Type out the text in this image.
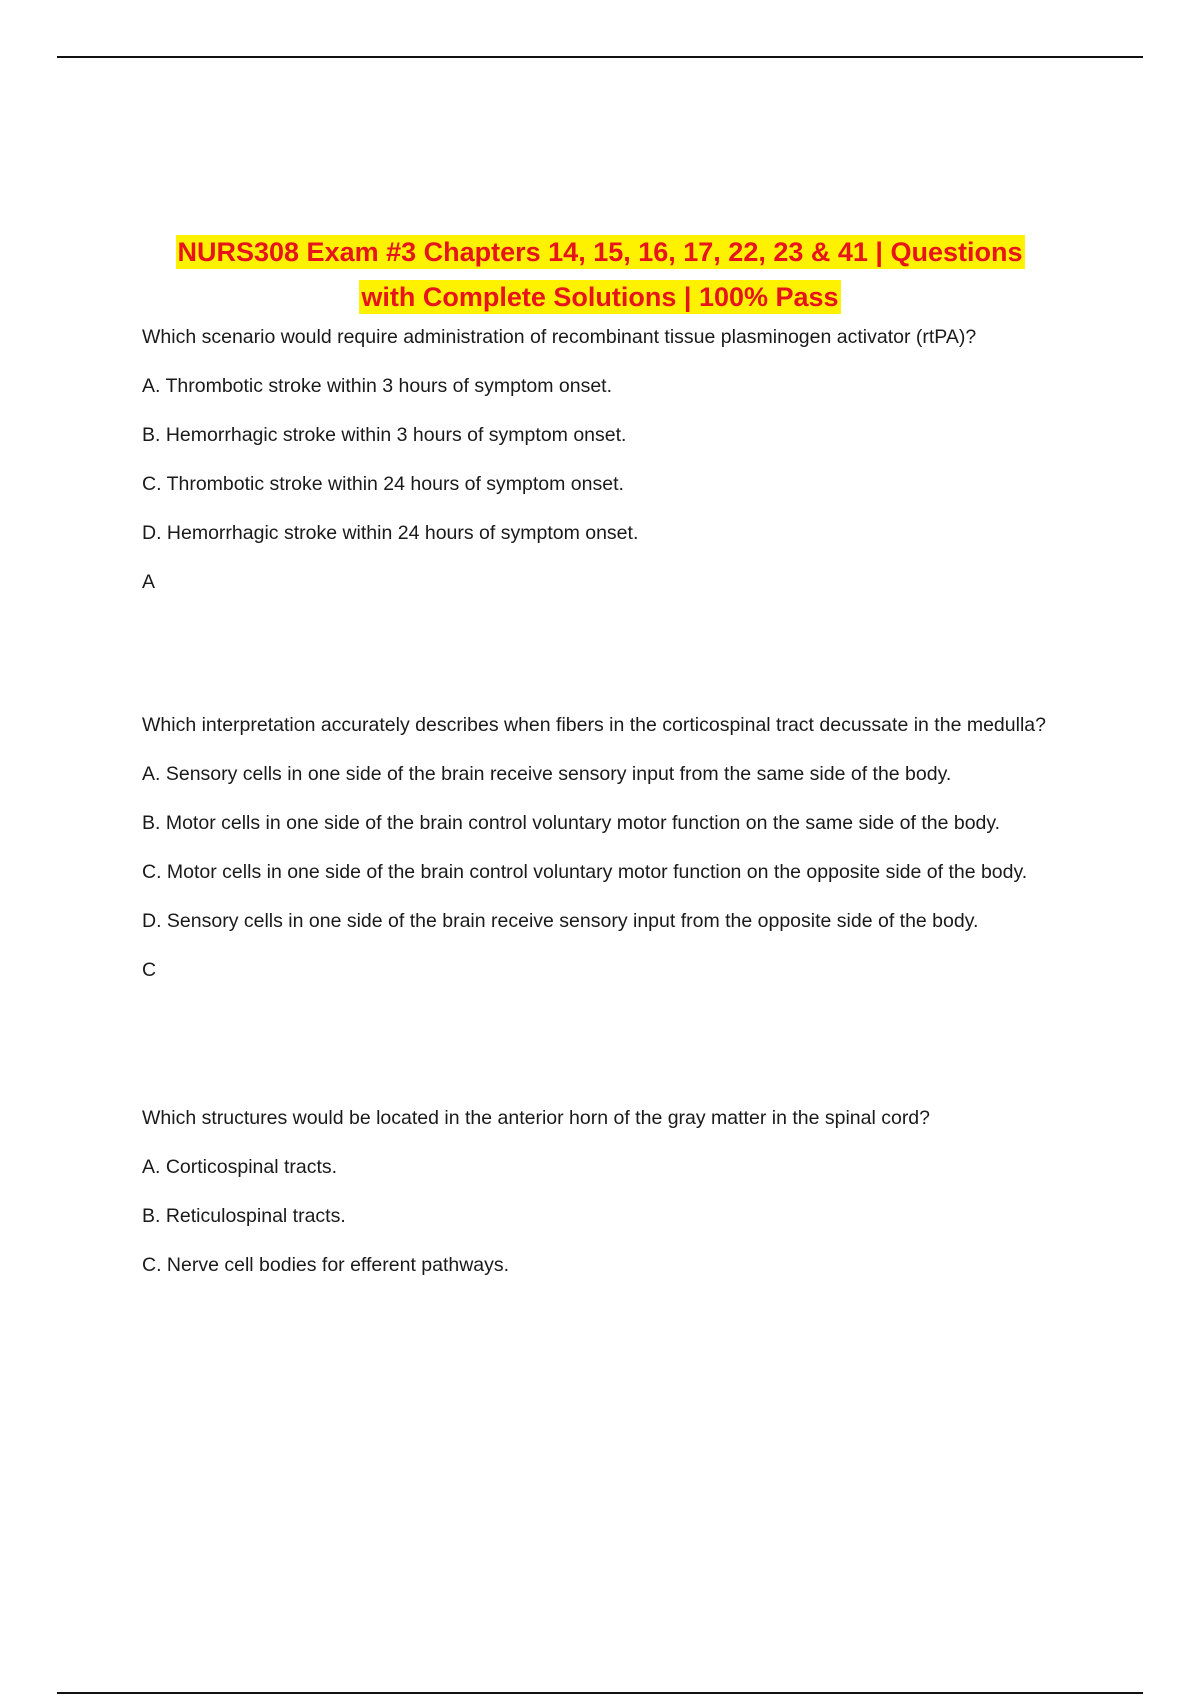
NURS308 Exam #3 Chapters 14, 15, 16, 17, 22, 23 & 41 | Questions
with Complete Solutions | 100% Pass

Which scenario would require administration of recombinant tissue plasminogen activator (rtPA)?

A. Thrombotic stroke within 3 hours of symptom onset.

B. Hemorrhagic stroke within 3 hours of symptom onset.

C. Thrombotic stroke within 24 hours of symptom onset.

D. Hemorrhagic stroke within 24 hours of symptom onset.

A

Which interpretation accurately describes when fibers in the corticospinal tract decussate in the medulla?

A. Sensory cells in one side of the brain receive sensory input from the same side of the body.

B. Motor cells in one side of the brain control voluntary motor function on the same side of the body.

C. Motor cells in one side of the brain control voluntary motor function on the opposite side of the body.

D. Sensory cells in one side of the brain receive sensory input from the opposite side of the body.

C

Which structures would be located in the anterior horn of the gray matter in the spinal cord?

A. Corticospinal tracts.

B. Reticulospinal tracts.

C. Nerve cell bodies for efferent pathways.
